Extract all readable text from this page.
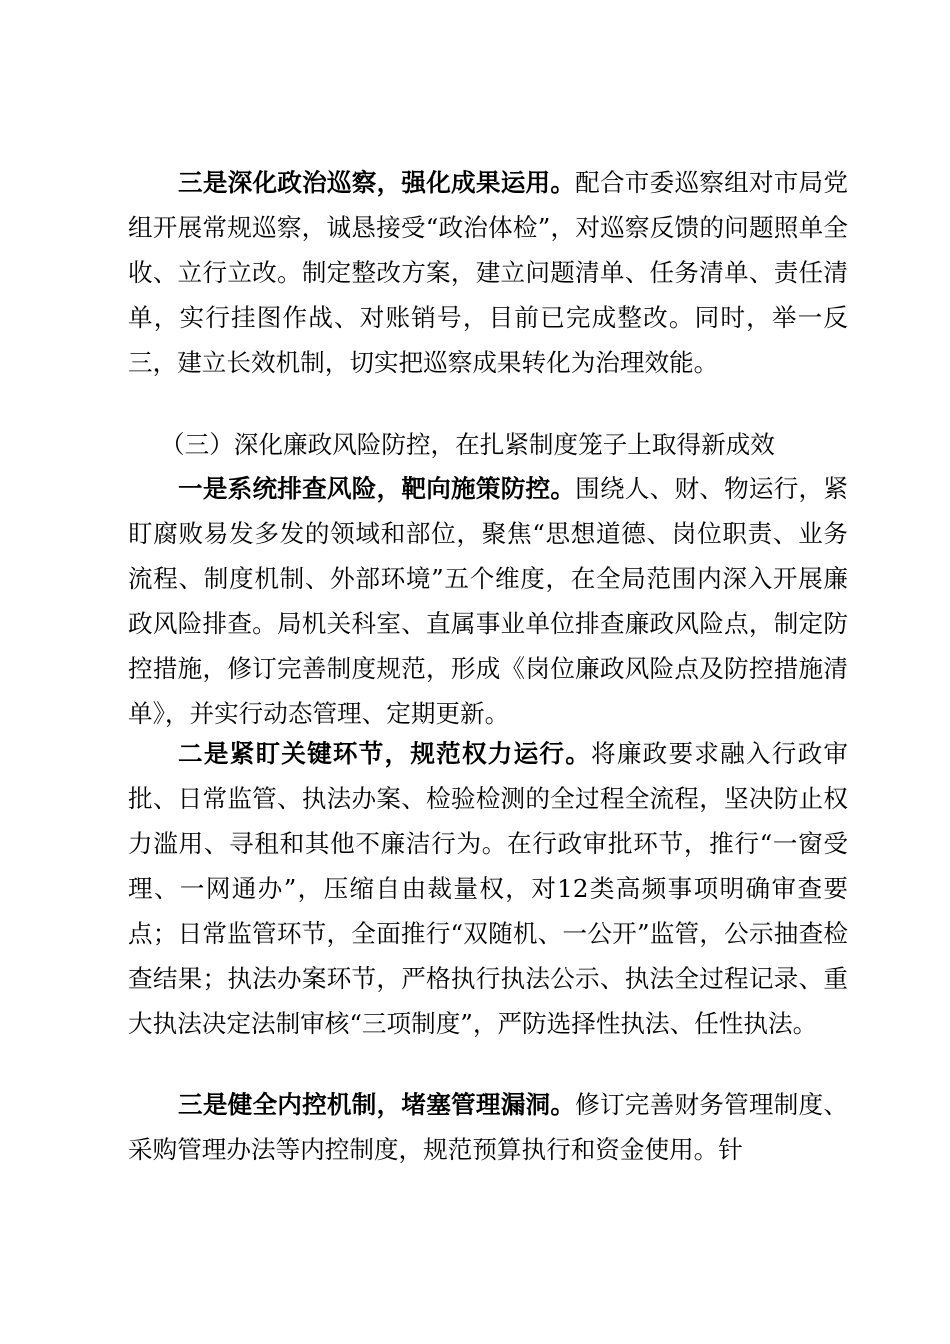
三是深化政治巡察，强化成果运用。配合市委巡察组对市局党组开展常规巡察，诚恳接受“政治体检”，对巡察反馈的问题照单全收、立行立改。制定整改方案，建立问题清单、任务清单、责任清单，实行挂图作战、对账销号，目前已完成整改。同时，举一反三，建立长效机制，切实把巡察成果转化为治理效能。

（三）深化廉政风险防控，在扎紧制度笼子上取得新成效

一是系统排查风险，靶向施策防控。围绕人、财、物运行，紧盯腐败易发多发的领域和部位，聚焦“思想道德、岗位职责、业务流程、制度机制、外部环境”五个维度，在全局范围内深入开展廉政风险排查。局机关科室、直属事业单位排查廉政风险点，制定防控措施，修订完善制度规范，形成《岗位廉政风险点及防控措施清单》，并实行动态管理、定期更新。

二是紧盯关键环节，规范权力运行。将廉政要求融入行政审批、日常监管、执法办案、检验检测的全过程全流程，坚决防止权力滥用、寻租和其他不廉洁行为。在行政审批环节，推行“一窗受理、一网通办”，压缩自由裁量权，对12类高频事项明确审查要点；日常监管环节，全面推行“双随机、一公开”监管，公示抽查检查结果；执法办案环节，严格执行执法公示、执法全过程记录、重大执法决定法制审核“三项制度”，严防选择性执法、任性执法。

三是健全内控机制，堵塞管理漏洞。修订完善财务管理制度、采购管理办法等内控制度，规范预算执行和资金使用。针
